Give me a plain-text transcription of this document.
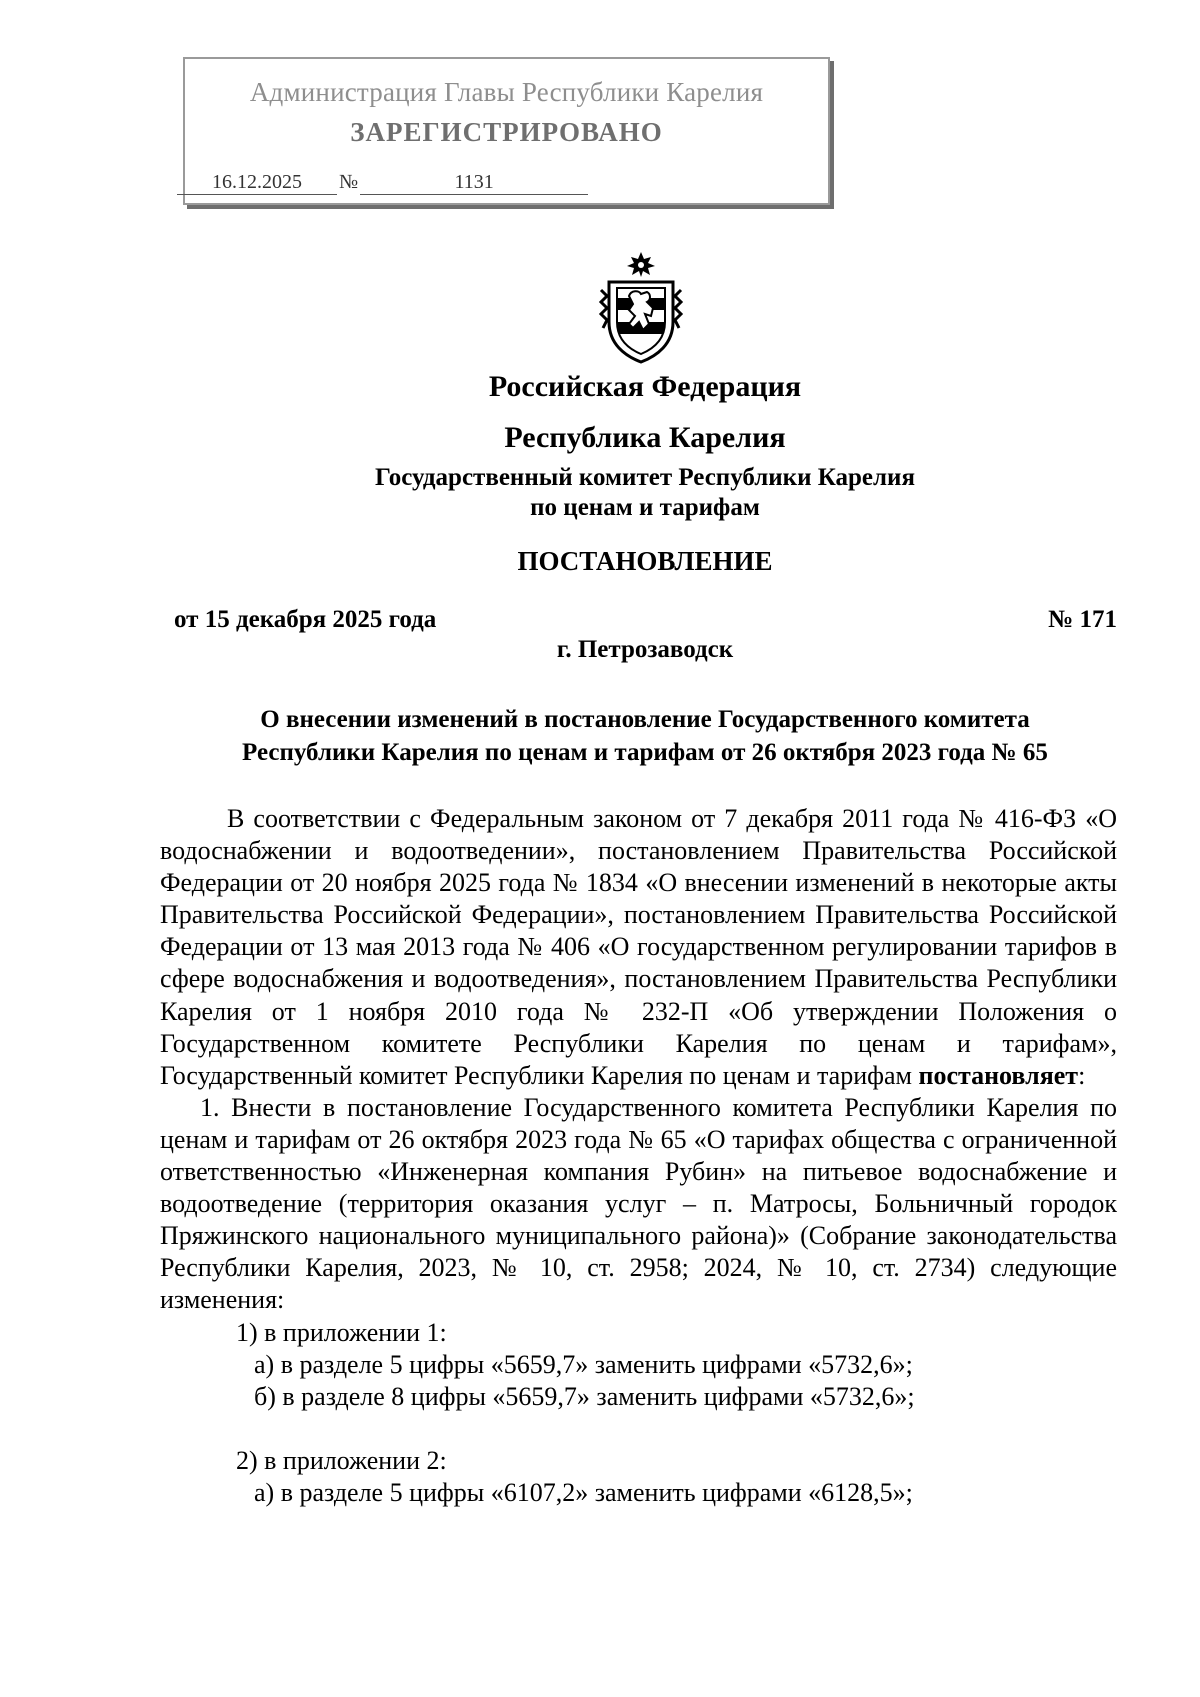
Администрация Главы Республики Карелия
ЗАРЕГИСТРИРОВАНО
16.12.2025 №	1131
Российская Федерация
Республика Карелия
Государственный комитет Республики Карелия
по ценам и тарифам
ПОСТАНОВЛЕНИЕ
от 15 декабря 2025 года	№ 171
г. Петрозаводск
О внесении изменений в постановление Государственного комитета
Республики Карелия по ценам и тарифам от 26 октября 2023 года № 65

В соответствии с Федеральным законом от 7 декабря 2011 года № 416-ФЗ «О водоснабжении и водоотведении», постановлением Правительства Российской Федерации от 20 ноября 2025 года № 1834 «О внесении изменений в некоторые акты Правительства Российской Федерации», постановлением Правительства Российской Федерации от 13 мая 2013 года № 406 «О государственном регулировании тарифов в сфере водоснабжения и водоотведения», постановлением Правительства Республики Карелия от 1 ноября 2010 года № 232-П «Об утверждении Положения о Государственном комитете Республики Карелия по ценам и тарифам», Государственный комитет Республики Карелия по ценам и тарифам постановляет:

1. Внести в постановление Государственного комитета Республики Карелия по ценам и тарифам от 26 октября 2023 года № 65 «О тарифах общества с ограниченной ответственностью «Инженерная компания Рубин» на питьевое водоснабжение и водоотведение (территория оказания услуг – п. Матросы, Больничный городок Пряжинского национального муниципального района)» (Собрание законодательства Республики Карелия, 2023, № 10, ст. 2958; 2024, № 10, ст. 2734) следующие изменения:

1) в приложении 1:
а) в разделе 5 цифры «5659,7» заменить цифрами «5732,6»;
б) в разделе 8 цифры «5659,7» заменить цифрами «5732,6»;
2) в приложении 2:
а) в разделе 5 цифры «6107,2» заменить цифрами «6128,5»;
